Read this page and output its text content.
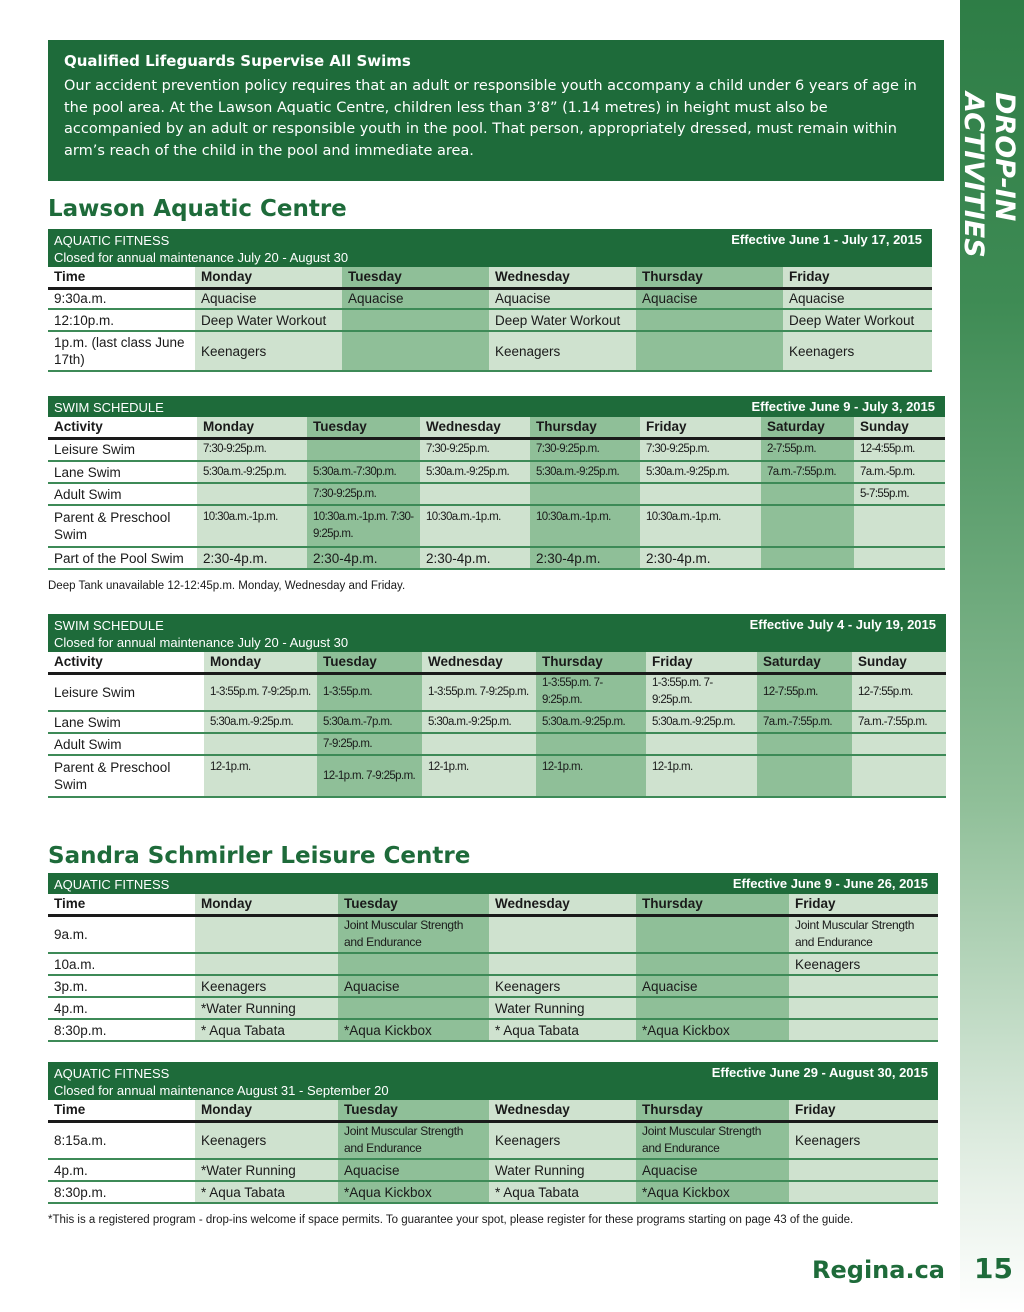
DROP-IN ACTIVITIES
Qualified Lifeguards Supervise All Swims

Our accident prevention policy requires that an adult or responsible youth accompany a child under 6 years of age in the pool area. At the Lawson Aquatic Centre, children less than 3’8” (1.14 metres) in height must also be accompanied by an adult or responsible youth in the pool. That person, appropriately dressed, must remain within arm’s reach of the child in the pool and immediate area.

Lawson Aquatic Centre
AQUATIC FITNESS
Closed for annual maintenance July 20 - August 30
Effective June 1 - July 17, 2015
Time	Monday	Tuesday	Wednesday	Thursday	Friday
9:30a.m.	Aquacise	Aquacise	Aquacise	Aquacise	Aquacise
12:10p.m.	Deep Water Workout		Deep Water Workout		Deep Water Workout
1p.m. (last class June 17th)	Keenagers		Keenagers		Keenagers
SWIM SCHEDULE	Effective June 9 - July 3, 2015
Activity	Monday	Tuesday	Wednesday	Thursday	Friday	Saturday	Sunday
Leisure Swim	7:30-9:25p.m.		7:30-9:25p.m.	7:30-9:25p.m.	7:30-9:25p.m.	2-7:55p.m.	12-4:55p.m.
Lane Swim	5:30a.m.-9:25p.m.	5:30a.m.-7:30p.m.	5:30a.m.-9:25p.m.	5:30a.m.-9:25p.m.	5:30a.m.-9:25p.m.	7a.m.-7:55p.m.	7a.m.-5p.m.
Adult Swim		7:30-9:25p.m.					5-7:55p.m.
Parent & Preschool Swim	10:30a.m.-1p.m.	10:30a.m.-1p.m. 7:30-9:25p.m.	10:30a.m.-1p.m.	10:30a.m.-1p.m.	10:30a.m.-1p.m.		
Part of the Pool Swim	2:30-4p.m.	2:30-4p.m.	2:30-4p.m.	2:30-4p.m.	2:30-4p.m.		
Deep Tank unavailable 12-12:45p.m. Monday, Wednesday and Friday.
SWIM SCHEDULE
Closed for annual maintenance July 20 - August 30
Effective July 4 - July 19, 2015
Activity	Monday	Tuesday	Wednesday	Thursday	Friday	Saturday	Sunday
Leisure Swim	1-3:55p.m. 7-9:25p.m.	1-3:55p.m.	1-3:55p.m. 7-9:25p.m.	1-3:55p.m. 7-9:25p.m.	1-3:55p.m. 7-9:25p.m.	12-7:55p.m.	12-7:55p.m.
Lane Swim	5:30a.m.-9:25p.m.	5:30a.m.-7p.m.	5:30a.m.-9:25p.m.	5:30a.m.-9:25p.m.	5:30a.m.-9:25p.m.	7a.m.-7:55p.m.	7a.m.-7:55p.m.
Adult Swim		7-9:25p.m.					
Parent & Preschool Swim	12-1p.m.	12-1p.m. 7-9:25p.m.	12-1p.m.	12-1p.m.	12-1p.m.		
Sandra Schmirler Leisure Centre
AQUATIC FITNESS	Effective June 9 - June 26, 2015
Time	Monday	Tuesday	Wednesday	Thursday	Friday
9a.m.		Joint Muscular Strength and Endurance			Joint Muscular Strength and Endurance
10a.m.					Keenagers
3p.m.	Keenagers	Aquacise	Keenagers	Aquacise	
4p.m.	*Water Running		Water Running		
8:30p.m.	* Aqua Tabata	*Aqua Kickbox	* Aqua Tabata	*Aqua Kickbox	
AQUATIC FITNESS
Closed for annual maintenance August 31 - September 20
Effective June 29 - August 30, 2015
Time	Monday	Tuesday	Wednesday	Thursday	Friday
8:15a.m.	Keenagers	Joint Muscular Strength and Endurance	Keenagers	Joint Muscular Strength and Endurance	Keenagers
4p.m.	*Water Running	Aquacise	Water Running	Aquacise	
8:30p.m.	* Aqua Tabata	*Aqua Kickbox	* Aqua Tabata	*Aqua Kickbox	
*This is a registered program - drop-ins welcome if space permits. To guarantee your spot, please register for these programs starting on page 43 of the guide.
Regina.ca 15
